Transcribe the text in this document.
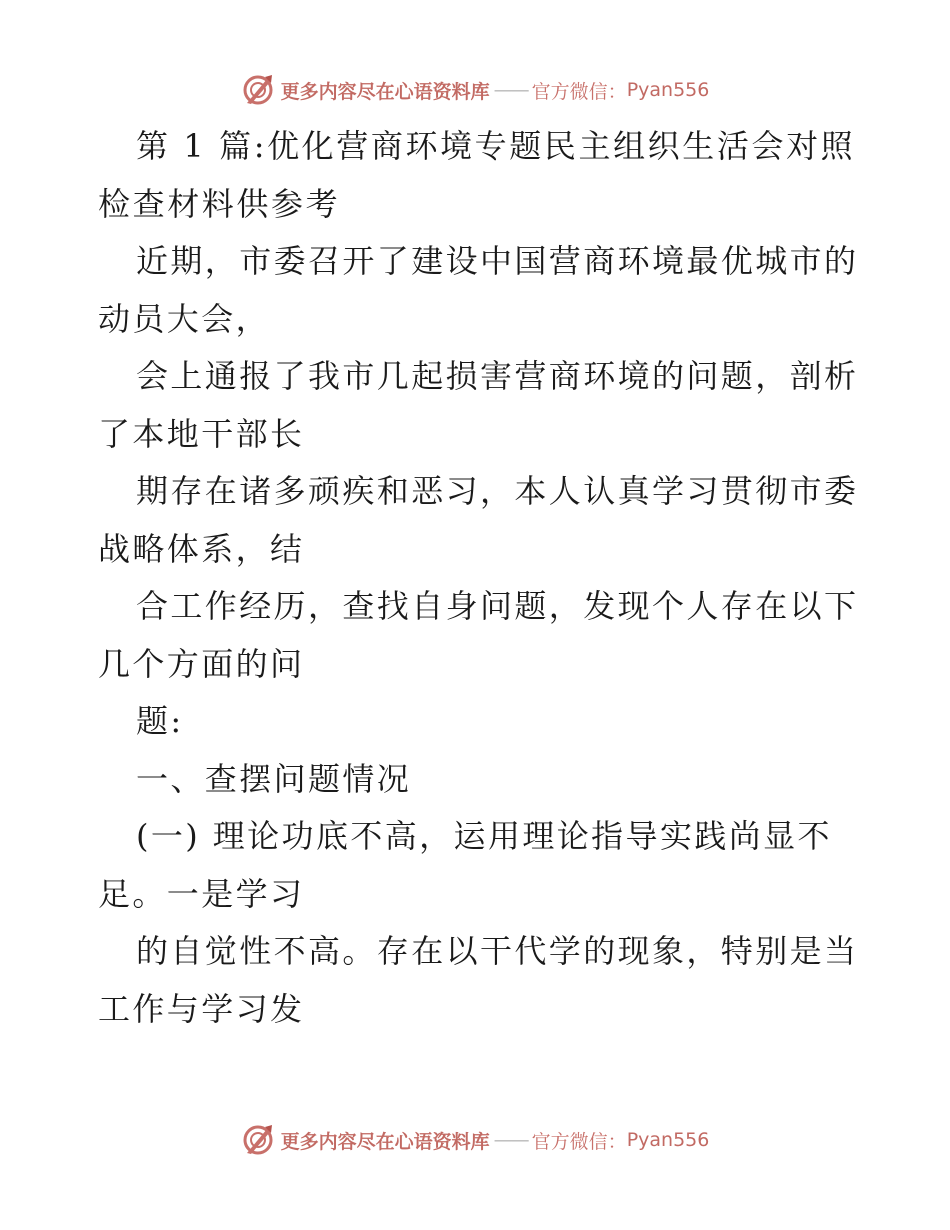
更多内容尽在心语资料库 —— 官方微信： Pyan556
第 1 篇:优化营商环境专题民主组织生活会对照
检查材料供参考
近期，市委召开了建设中国营商环境最优城市的
动员大会，
会上通报了我市几起损害营商环境的问题，剖析
了本地干部长
期存在诸多顽疾和恶习，本人认真学习贯彻市委
战略体系，结
合工作经历，查找自身问题，发现个人存在以下
几个方面的问
题:
一、查摆问题情况
(一) 理论功底不高，运用理论指导实践尚显不
足。一是学习
的自觉性不高。存在以干代学的现象，特别是当
工作与学习发
更多内容尽在心语资料库 —— 官方微信： Pyan556
